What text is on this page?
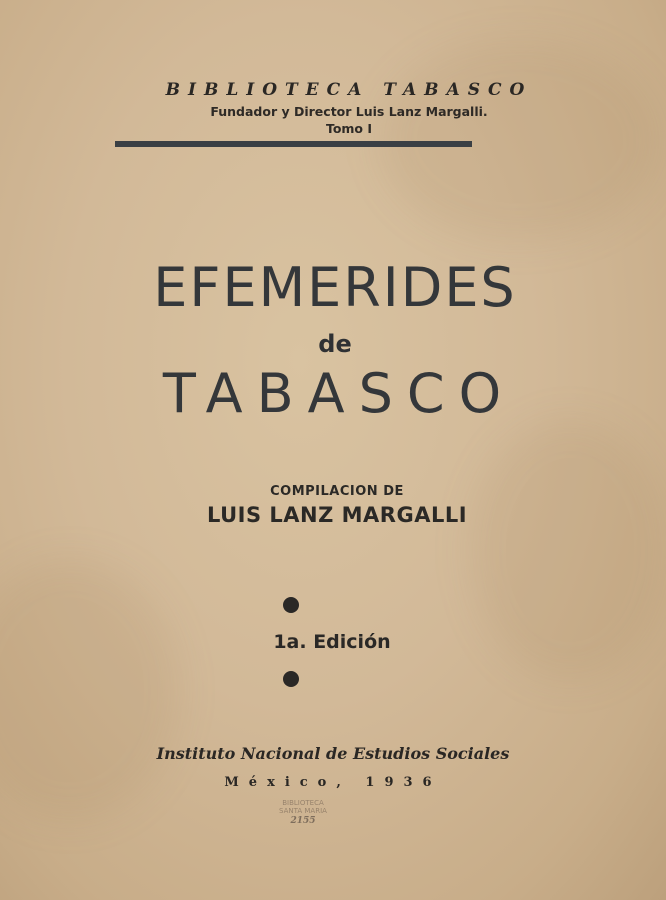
BIBLIOTECA TABASCO
Fundador y Director Luis Lanz Margalli.
Tomo I
EFEMERIDES
de
TABASCO
COMPILACION DE
LUIS LANZ MARGALLI
1a. Edición
Instituto Nacional de Estudios Sociales
México, 1936
BIBLIOTECA
SANTA MARIA
2155
